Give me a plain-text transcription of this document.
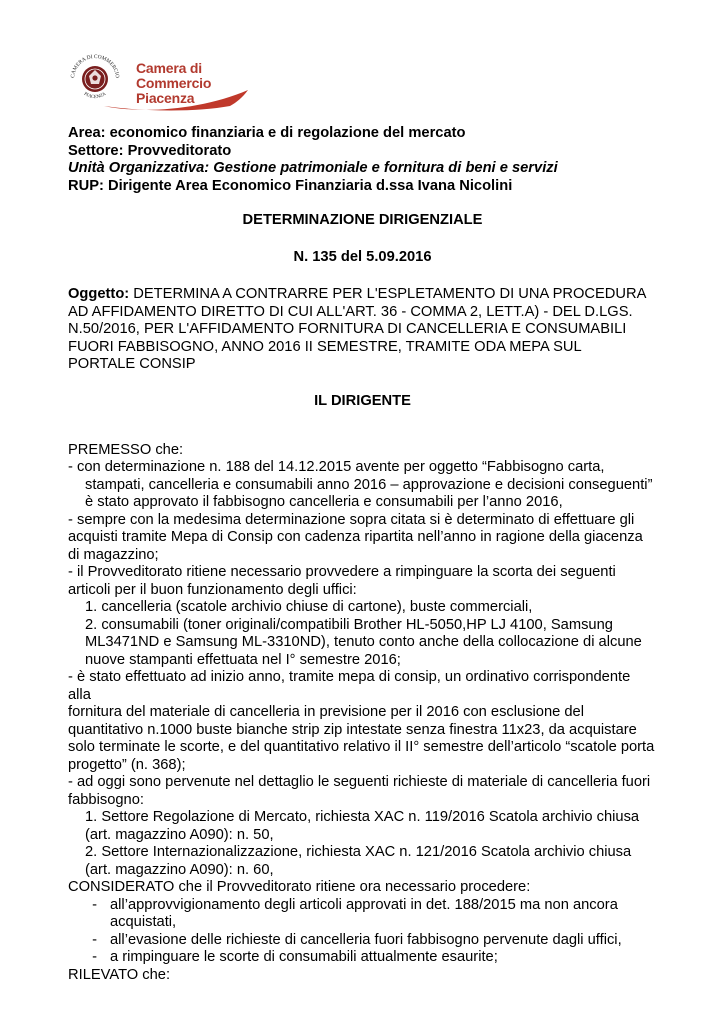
CAMERA DI COMMERCIO
PIACENZA
Camera di Commercio
Piacenza

Area: economico finanziaria e di regolazione del mercato

Settore: Provveditorato

Unità Organizzativa: Gestione patrimoniale e fornitura di beni e servizi

RUP: Dirigente Area Economico Finanziaria d.ssa Ivana Nicolini

DETERMINAZIONE DIRIGENZIALE
N. 135 del 5.09.2016

Oggetto: DETERMINA A CONTRARRE PER L'ESPLETAMENTO DI UNA PROCEDURA

AD AFFIDAMENTO DIRETTO DI CUI ALL'ART. 36 - COMMA 2, LETT.A) - DEL D.LGS.

N.50/2016, PER L'AFFIDAMENTO FORNITURA DI CANCELLERIA E CONSUMABILI

FUORI FABBISOGNO, ANNO 2016 II SEMESTRE, TRAMITE ODA MEPA SUL

PORTALE CONSIP

IL DIRIGENTE

PREMESSO che:

- con determinazione n. 188 del 14.12.2015 avente per oggetto “Fabbisogno carta,

stampati, cancelleria e consumabili anno 2016 – approvazione e decisioni conseguenti”

è stato approvato il fabbisogno cancelleria e consumabili per l’anno 2016,

- sempre con la medesima determinazione sopra citata si è determinato di effettuare gli

acquisti tramite Mepa di Consip con cadenza ripartita nell’anno in ragione della giacenza

di magazzino;

- il Provveditorato ritiene necessario provvedere a rimpinguare la scorta dei seguenti

articoli per il buon funzionamento degli uffici:

1. cancelleria (scatole archivio chiuse di cartone), buste commerciali,

2. consumabili (toner originali/compatibili Brother HL-5050,HP LJ 4100, Samsung

ML3471ND e Samsung ML-3310ND), tenuto conto anche della collocazione di alcune

nuove stampanti effettuata nel I° semestre 2016;

- è stato effettuato ad inizio anno, tramite mepa di consip, un ordinativo corrispondente alla

fornitura del materiale di cancelleria in previsione per il 2016 con esclusione del

quantitativo n.1000 buste bianche strip zip intestate senza finestra 11x23, da acquistare

solo terminate le scorte, e del quantitativo relativo il II° semestre dell’articolo “scatole porta

progetto” (n. 368);

- ad oggi sono pervenute nel dettaglio le seguenti richieste di materiale di cancelleria fuori

fabbisogno:

1. Settore Regolazione di Mercato, richiesta XAC n. 119/2016 Scatola archivio chiusa

(art. magazzino A090): n. 50,

2. Settore Internazionalizzazione, richiesta XAC n. 121/2016 Scatola archivio chiusa

(art. magazzino A090): n. 60,

CONSIDERATO che il Provveditorato ritiene ora necessario procedere:

- all’approvvigionamento degli articoli approvati in det. 188/2015 ma non ancora
acquistati,
- all’evasione delle richieste di cancelleria fuori fabbisogno pervenute dagli uffici,
- a rimpinguare le scorte di consumabili attualmente esaurite;

RILEVATO che:
